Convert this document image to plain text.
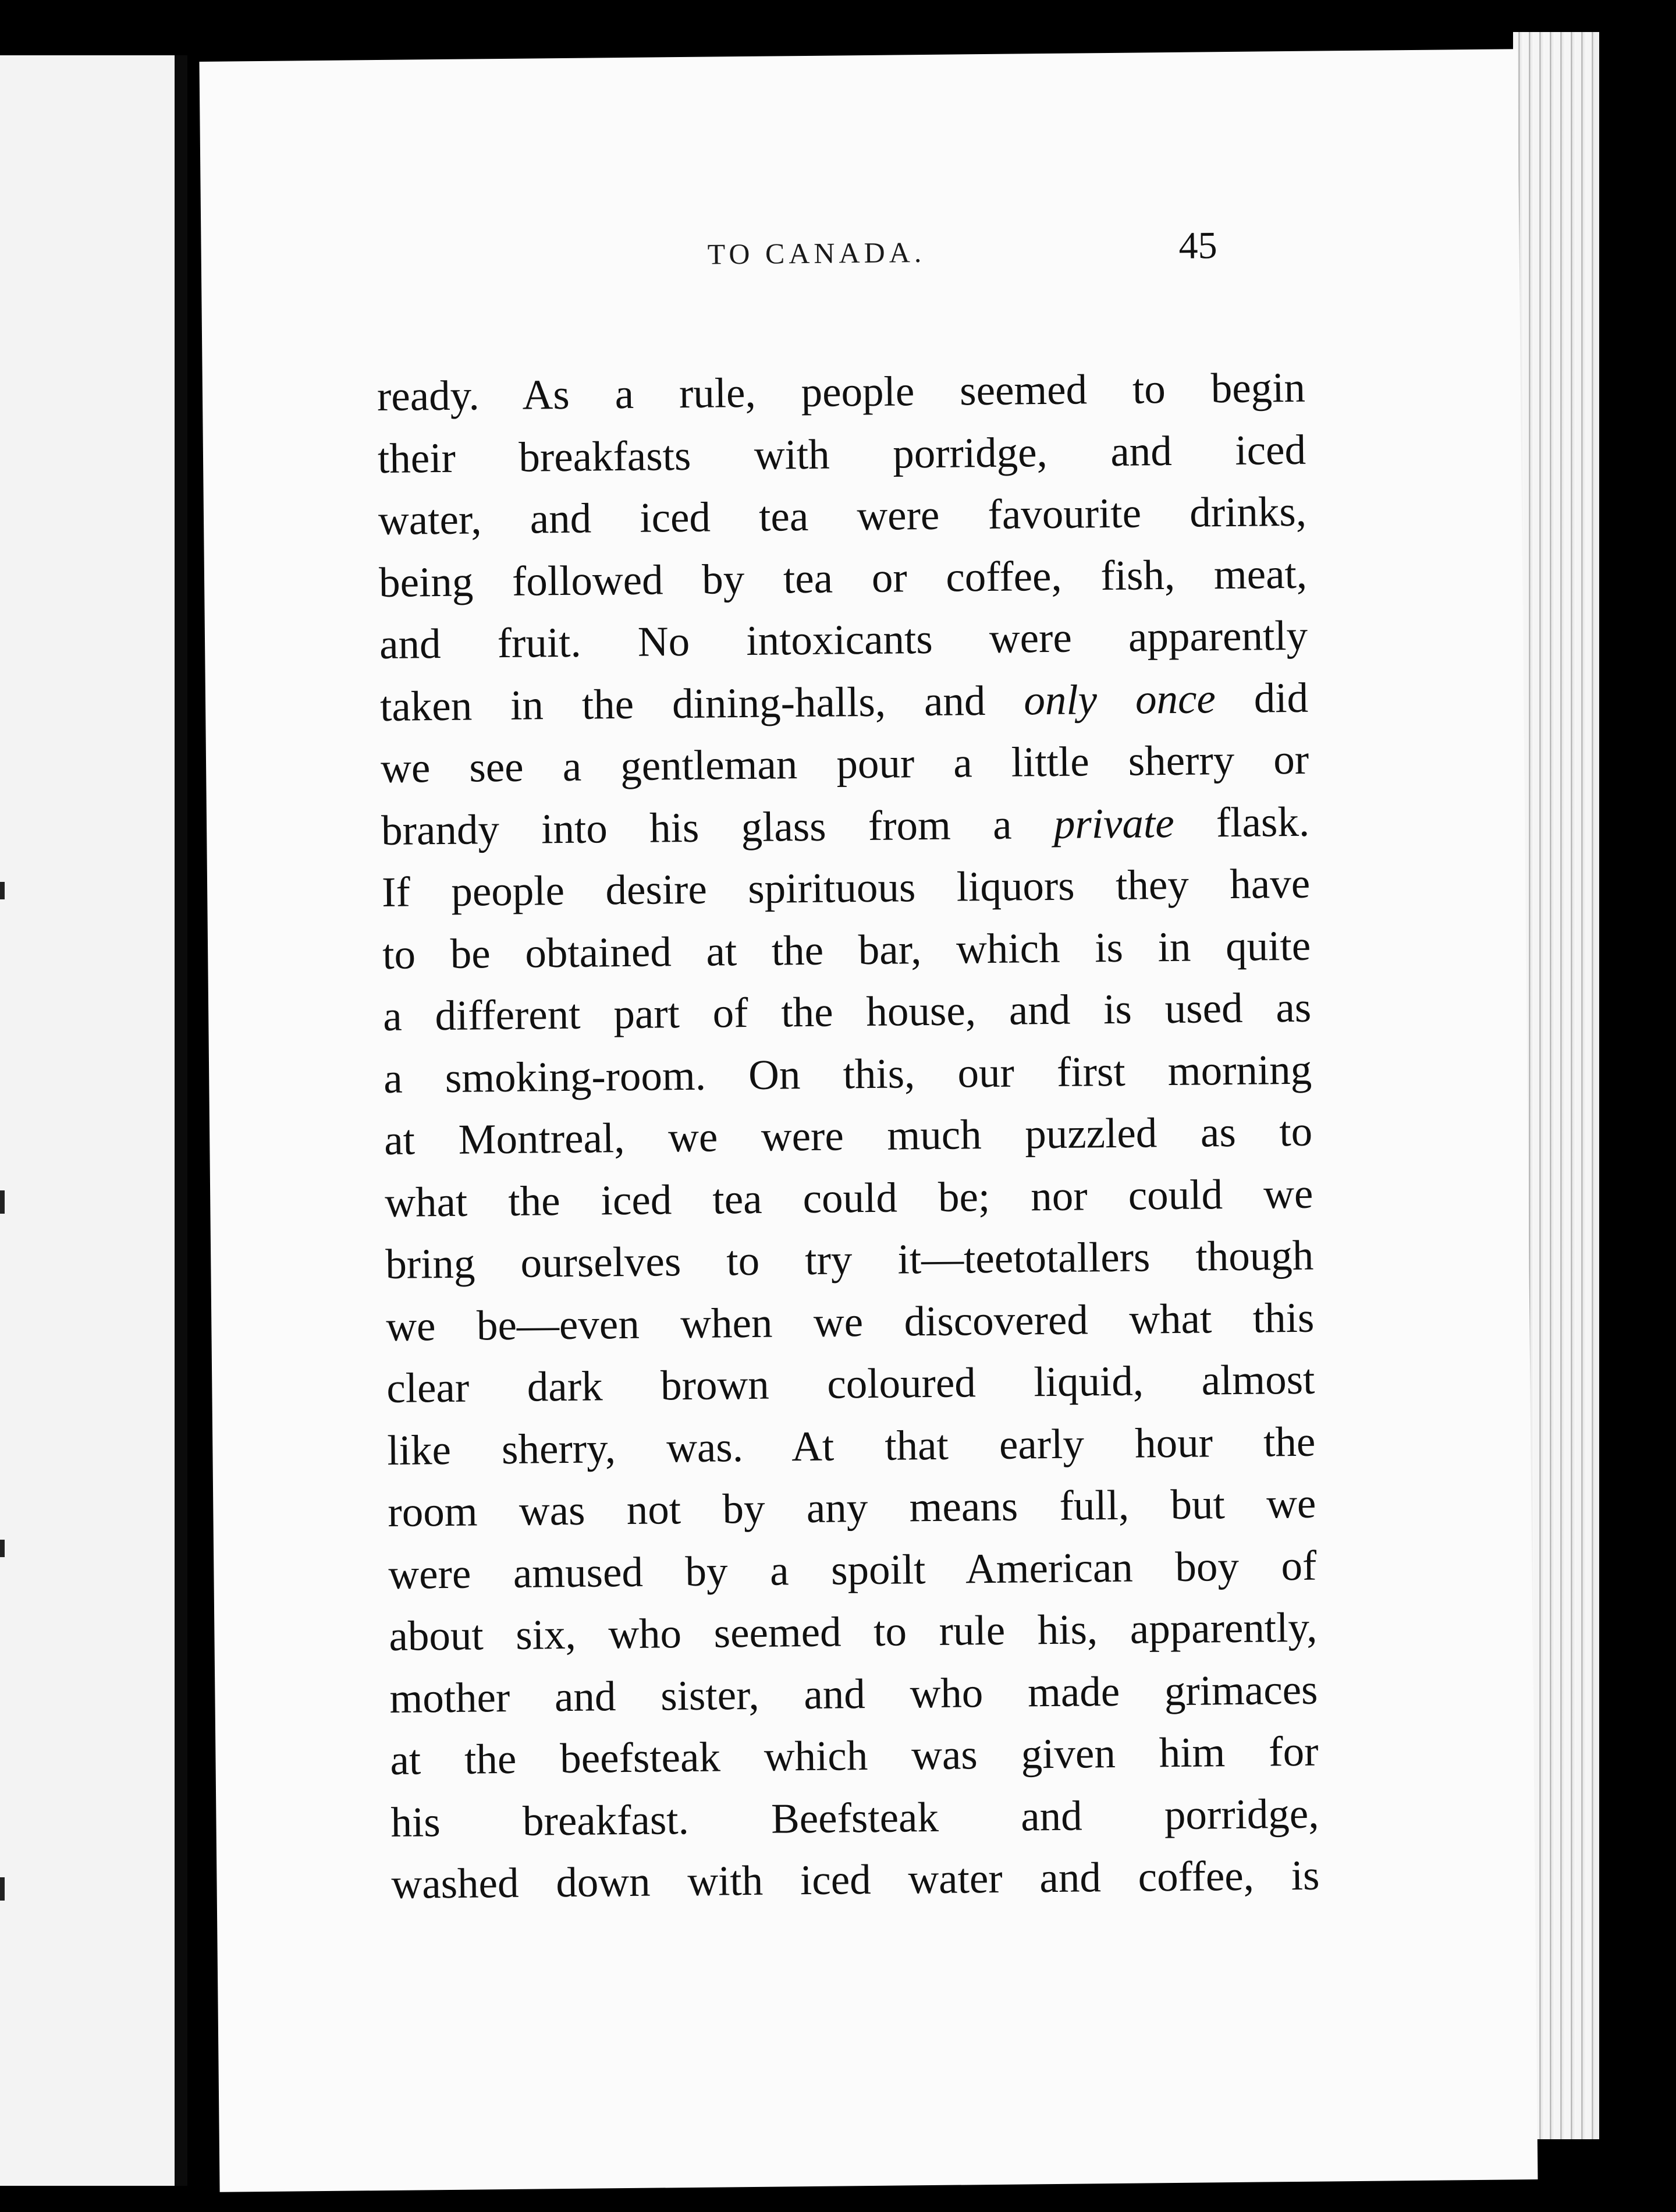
TO CANADA.	45
ready. As a rule, people seemed to begin
their breakfasts with porridge, and iced
water, and iced tea were favourite drinks,
being followed by tea or coffee, fish, meat,
and fruit. No intoxicants were apparently
taken in the dining-halls, and only once did
we see a gentleman pour a little sherry or
brandy into his glass from a private flask.
If people desire spirituous liquors they have
to be obtained at the bar, which is in quite
a different part of the house, and is used as
a smoking-room. On this, our first morning
at Montreal, we were much puzzled as to
what the iced tea could be; nor could we
bring ourselves to try it—teetotallers though
we be—even when we discovered what this
clear dark brown coloured liquid, almost
like sherry, was. At that early hour the
room was not by any means full, but we
were amused by a spoilt American boy of
about six, who seemed to rule his, apparently,
mother and sister, and who made grimaces
at the beefsteak which was given him for
his breakfast. Beefsteak and porridge,
washed down with iced water and coffee, is
